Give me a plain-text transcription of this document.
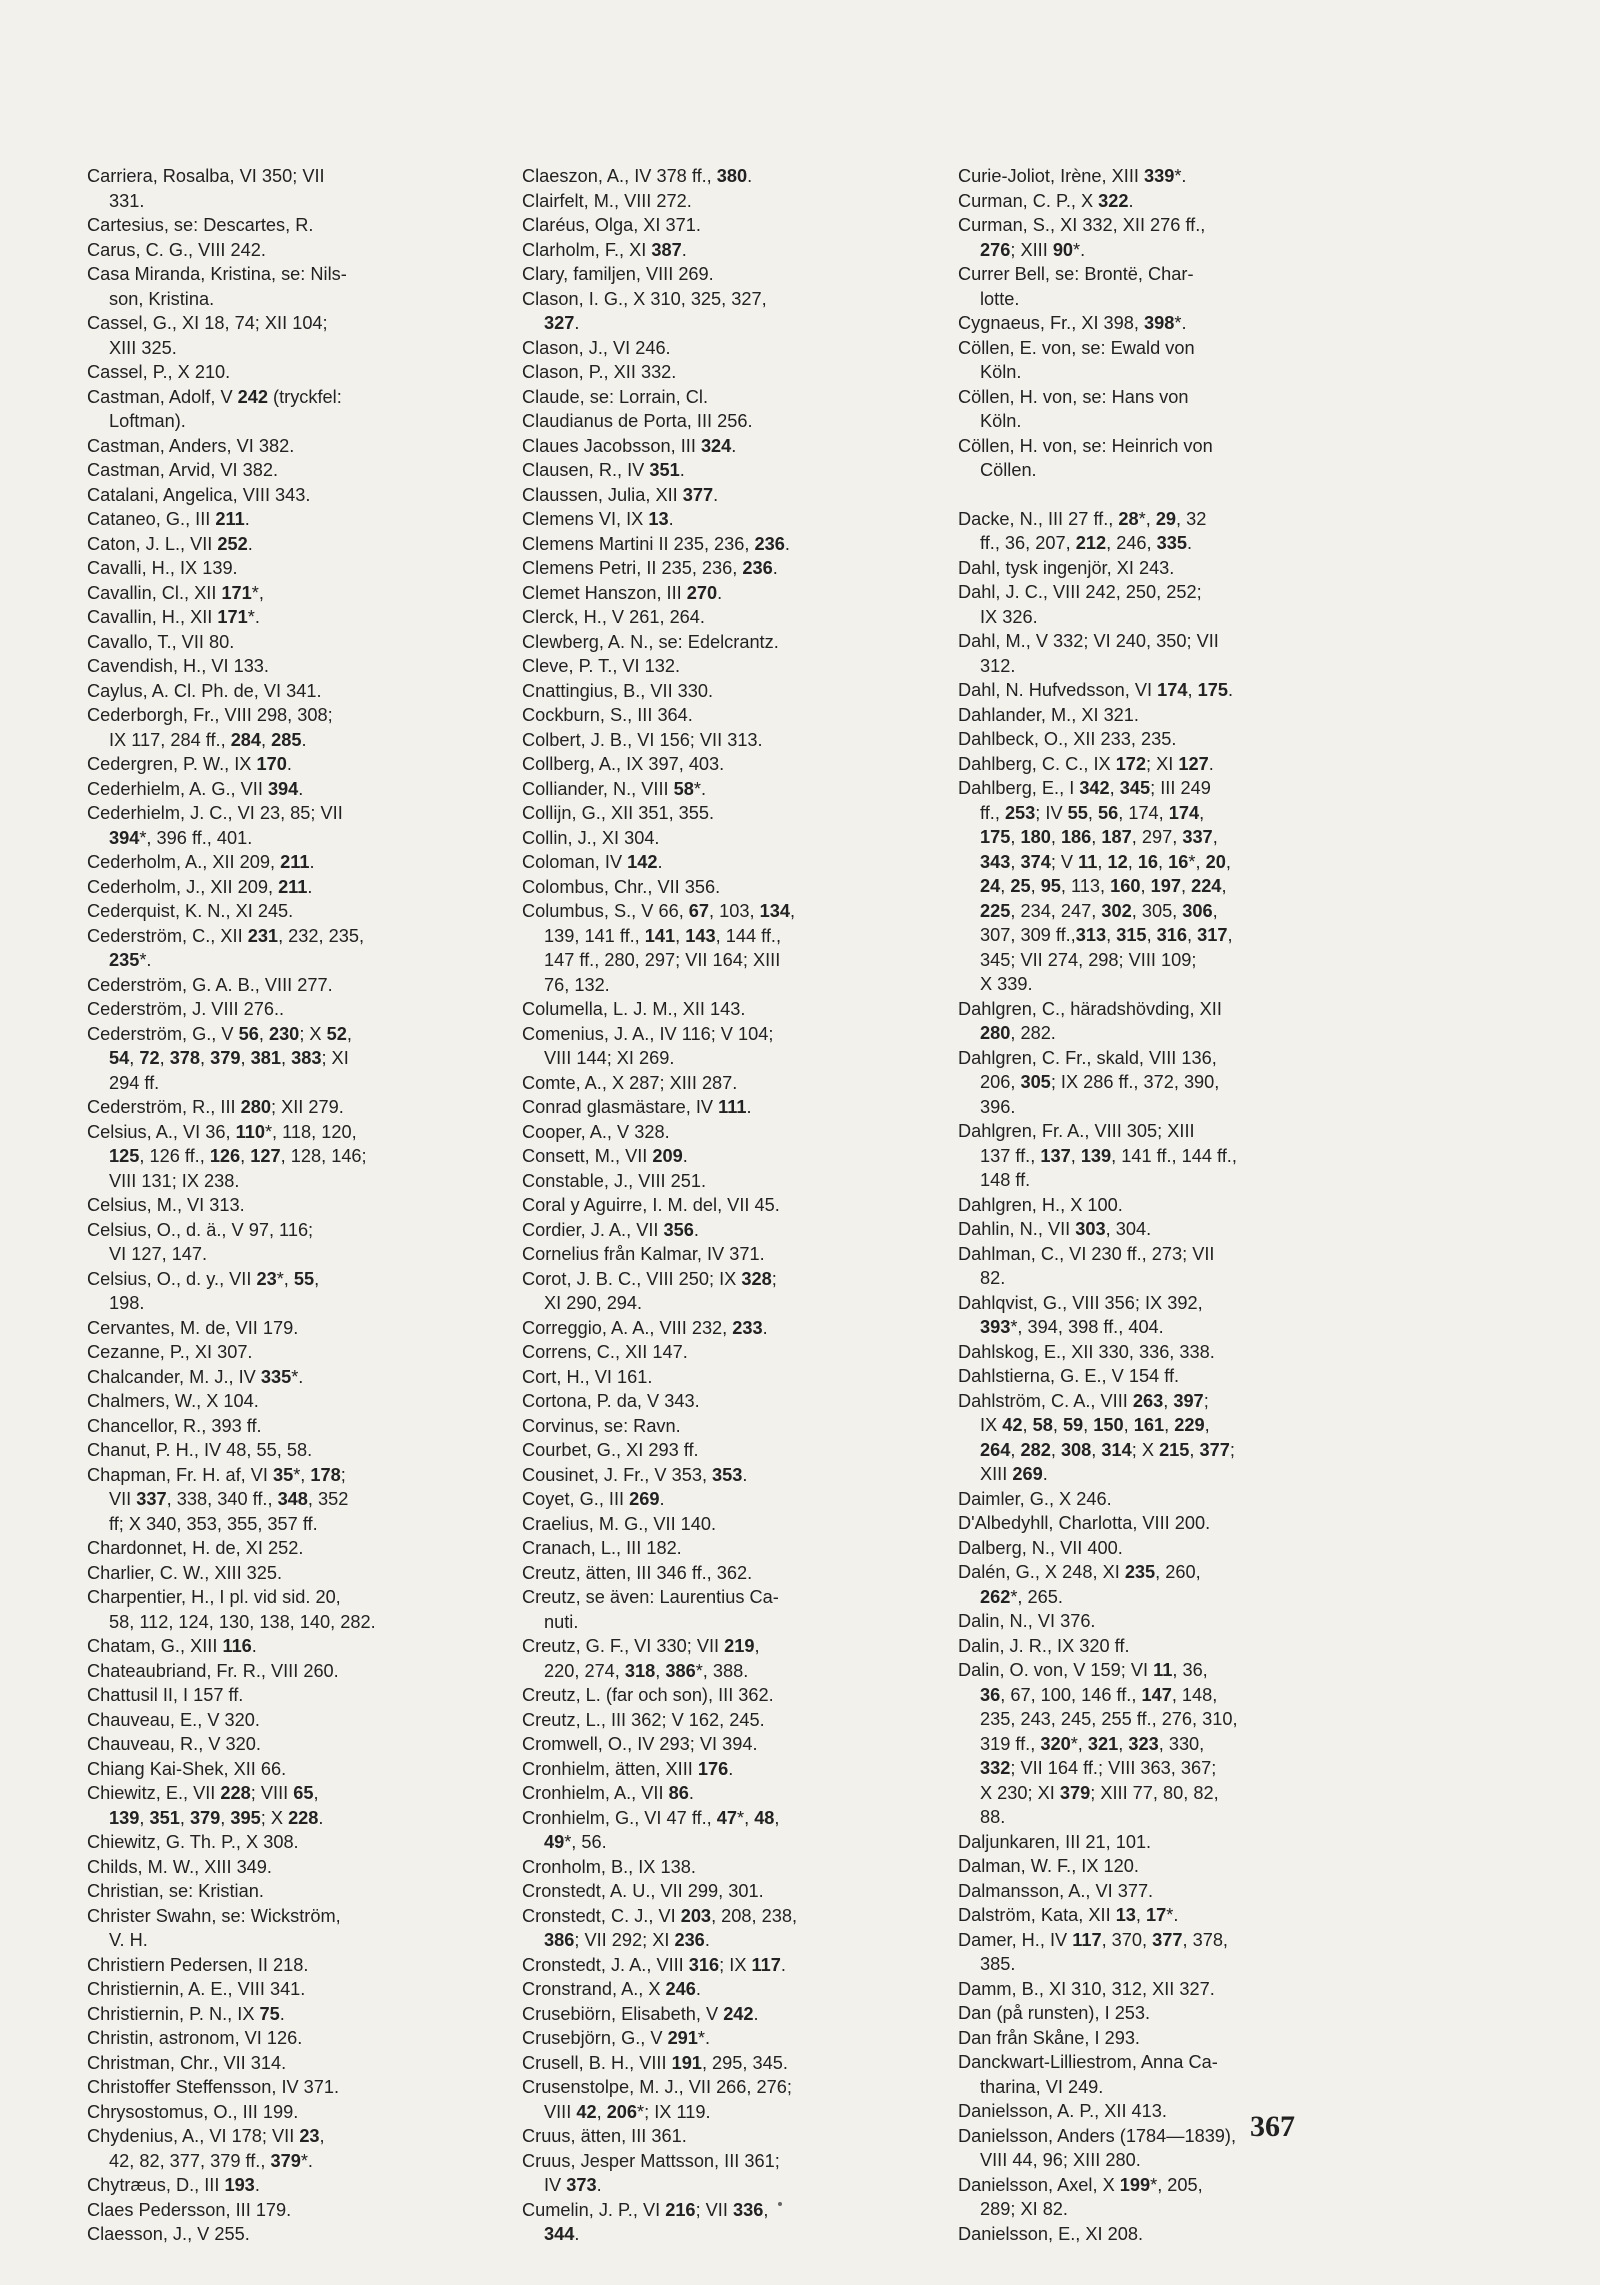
Carriera, Rosalba, VI 350; VII
331.
Cartesius, se: Descartes, R.
Carus, C. G., VIII 242.
Casa Miranda, Kristina, se: Nils-
son, Kristina.
Cassel, G., XI 18, 74; XII 104;
XIII 325.
Cassel, P., X 210.
Castman, Adolf, V 242 (tryckfel:
Loftman).
Castman, Anders, VI 382.
Castman, Arvid, VI 382.
Catalani, Angelica, VIII 343.
Cataneo, G., III 211.
Caton, J. L., VII 252.
Cavalli, H., IX 139.
Cavallin, Cl., XII 171*,
Cavallin, H., XII 171*.
Cavallo, T., VII 80.
Cavendish, H., VI 133.
Caylus, A. Cl. Ph. de, VI 341.
Cederborgh, Fr., VIII 298, 308;
IX 117, 284 ff., 284, 285.
Cedergren, P. W., IX 170.
Cederhielm, A. G., VII 394.
Cederhielm, J. C., VI 23, 85; VII
394*, 396 ff., 401.
Cederholm, A., XII 209, 211.
Cederholm, J., XII 209, 211.
Cederquist, K. N., XI 245.
Cederström, C., XII 231, 232, 235,
235*.
Cederström, G. A. B., VIII 277.
Cederström, J. VIII 276..
Cederström, G., V 56, 230; X 52,
54, 72, 378, 379, 381, 383; XI
294 ff.
Cederström, R., III 280; XII 279.
Celsius, A., VI 36, 110*, 118, 120,
125, 126 ff., 126, 127, 128, 146;
VIII 131; IX 238.
Celsius, M., VI 313.
Celsius, O., d. ä., V 97, 116;
VI 127, 147.
Celsius, O., d. y., VII 23*, 55,
198.
Cervantes, M. de, VII 179.
Cezanne, P., XI 307.
Chalcander, M. J., IV 335*.
Chalmers, W., X 104.
Chancellor, R., 393 ff.
Chanut, P. H., IV 48, 55, 58.
Chapman, Fr. H. af, VI 35*, 178;
VII 337, 338, 340 ff., 348, 352
ff; X 340, 353, 355, 357 ff.
Chardonnet, H. de, XI 252.
Charlier, C. W., XIII 325.
Charpentier, H., I pl. vid sid. 20,
58, 112, 124, 130, 138, 140, 282.
Chatam, G., XIII 116.
Chateaubriand, Fr. R., VIII 260.
Chattusil II, I 157 ff.
Chauveau, E., V 320.
Chauveau, R., V 320.
Chiang Kai-Shek, XII 66.
Chiewitz, E., VII 228; VIII 65,
139, 351, 379, 395; X 228.
Chiewitz, G. Th. P., X 308.
Childs, M. W., XIII 349.
Christian, se: Kristian.
Christer Swahn, se: Wickström,
V. H.
Christiern Pedersen, II 218.
Christiernin, A. E., VIII 341.
Christiernin, P. N., IX 75.
Christin, astronom, VI 126.
Christman, Chr., VII 314.
Christoffer Steffensson, IV 371.
Chrysostomus, O., III 199.
Chydenius, A., VI 178; VII 23,
42, 82, 377, 379 ff., 379*.
Chytræus, D., III 193.
Claes Pedersson, III 179.
Claesson, J., V 255.
Claeszon, A., IV 378 ff., 380.
Clairfelt, M., VIII 272.
Claréus, Olga, XI 371.
Clarholm, F., XI 387.
Clary, familjen, VIII 269.
Clason, I. G., X 310, 325, 327,
327.
Clason, J., VI 246.
Clason, P., XII 332.
Claude, se: Lorrain, Cl.
Claudianus de Porta, III 256.
Claues Jacobsson, III 324.
Clausen, R., IV 351.
Claussen, Julia, XII 377.
Clemens VI, IX 13.
Clemens Martini II 235, 236, 236.
Clemens Petri, II 235, 236, 236.
Clemet Hanszon, III 270.
Clerck, H., V 261, 264.
Clewberg, A. N., se: Edelcrantz.
Cleve, P. T., VI 132.
Cnattingius, B., VII 330.
Cockburn, S., III 364.
Colbert, J. B., VI 156; VII 313.
Collberg, A., IX 397, 403.
Colliander, N., VIII 58*.
Collijn, G., XII 351, 355.
Collin, J., XI 304.
Coloman, IV 142.
Colombus, Chr., VII 356.
Columbus, S., V 66, 67, 103, 134,
139, 141 ff., 141, 143, 144 ff.,
147 ff., 280, 297; VII 164; XIII
76, 132.
Columella, L. J. M., XII 143.
Comenius, J. A., IV 116; V 104;
VIII 144; XI 269.
Comte, A., X 287; XIII 287.
Conrad glasmästare, IV 111.
Cooper, A., V 328.
Consett, M., VII 209.
Constable, J., VIII 251.
Coral y Aguirre, I. M. del, VII 45.
Cordier, J. A., VII 356.
Cornelius från Kalmar, IV 371.
Corot, J. B. C., VIII 250; IX 328;
XI 290, 294.
Correggio, A. A., VIII 232, 233.
Correns, C., XII 147.
Cort, H., VI 161.
Cortona, P. da, V 343.
Corvinus, se: Ravn.
Courbet, G., XI 293 ff.
Cousinet, J. Fr., V 353, 353.
Coyet, G., III 269.
Craelius, M. G., VII 140.
Cranach, L., III 182.
Creutz, ätten, III 346 ff., 362.
Creutz, se även: Laurentius Ca-
nuti.
Creutz, G. F., VI 330; VII 219,
220, 274, 318, 386*, 388.
Creutz, L. (far och son), III 362.
Creutz, L., III 362; V 162, 245.
Cromwell, O., IV 293; VI 394.
Cronhielm, ätten, XIII 176.
Cronhielm, A., VII 86.
Cronhielm, G., VI 47 ff., 47*, 48,
49*, 56.
Cronholm, B., IX 138.
Cronstedt, A. U., VII 299, 301.
Cronstedt, C. J., VI 203, 208, 238,
386; VII 292; XI 236.
Cronstedt, J. A., VIII 316; IX 117.
Cronstrand, A., X 246.
Crusebiörn, Elisabeth, V 242.
Crusebjörn, G., V 291*.
Crusell, B. H., VIII 191, 295, 345.
Crusenstolpe, M. J., VII 266, 276;
VIII 42, 206*; IX 119.
Cruus, ätten, III 361.
Cruus, Jesper Mattsson, III 361;
IV 373.
Cumelin, J. P., VI 216; VII 336,
344.
Curie-Joliot, Irène, XIII 339*.
Curman, C. P., X 322.
Curman, S., XI 332, XII 276 ff.,
276; XIII 90*.
Currer Bell, se: Brontë, Char-
lotte.
Cygnaeus, Fr., XI 398, 398*.
Cöllen, E. von, se: Ewald von
Köln.
Cöllen, H. von, se: Hans von
Köln.
Cöllen, H. von, se: Heinrich von
Cöllen.
Dacke, N., III 27 ff., 28*, 29, 32
ff., 36, 207, 212, 246, 335.
Dahl, tysk ingenjör, XI 243.
Dahl, J. C., VIII 242, 250, 252;
IX 326.
Dahl, M., V 332; VI 240, 350; VII
312.
Dahl, N. Hufvedsson, VI 174, 175.
Dahlander, M., XI 321.
Dahlbeck, O., XII 233, 235.
Dahlberg, C. C., IX 172; XI 127.
Dahlberg, E., I 342, 345; III 249
ff., 253; IV 55, 56, 174, 174,
175, 180, 186, 187, 297, 337,
343, 374; V 11, 12, 16, 16*, 20,
24, 25, 95, 113, 160, 197, 224,
225, 234, 247, 302, 305, 306,
307, 309 ff.,313, 315, 316, 317,
345; VII 274, 298; VIII 109;
X 339.
Dahlgren, C., häradshövding, XII
280, 282.
Dahlgren, C. Fr., skald, VIII 136,
206, 305; IX 286 ff., 372, 390,
396.
Dahlgren, Fr. A., VIII 305; XIII
137 ff., 137, 139, 141 ff., 144 ff.,
148 ff.
Dahlgren, H., X 100.
Dahlin, N., VII 303, 304.
Dahlman, C., VI 230 ff., 273; VII
82.
Dahlqvist, G., VIII 356; IX 392,
393*, 394, 398 ff., 404.
Dahlskog, E., XII 330, 336, 338.
Dahlstierna, G. E., V 154 ff.
Dahlström, C. A., VIII 263, 397;
IX 42, 58, 59, 150, 161, 229,
264, 282, 308, 314; X 215, 377;
XIII 269.
Daimler, G., X 246.
D'Albedyhll, Charlotta, VIII 200.
Dalberg, N., VII 400.
Dalén, G., X 248, XI 235, 260,
262*, 265.
Dalin, N., VI 376.
Dalin, J. R., IX 320 ff.
Dalin, O. von, V 159; VI 11, 36,
36, 67, 100, 146 ff., 147, 148,
235, 243, 245, 255 ff., 276, 310,
319 ff., 320*, 321, 323, 330,
332; VII 164 ff.; VIII 363, 367;
X 230; XI 379; XIII 77, 80, 82,
88.
Daljunkaren, III 21, 101.
Dalman, W. F., IX 120.
Dalmansson, A., VI 377.
Dalström, Kata, XII 13, 17*.
Damer, H., IV 117, 370, 377, 378,
385.
Damm, B., XI 310, 312, XII 327.
Dan (på runsten), I 253.
Dan från Skåne, I 293.
Danckwart-Lilliestrom, Anna Ca-
tharina, VI 249.
Danielsson, A. P., XII 413.
Danielsson, Anders (1784—1839),
VIII 44, 96; XIII 280.
Danielsson, Axel, X 199*, 205,
289; XI 82.
Danielsson, E., XI 208.
367
